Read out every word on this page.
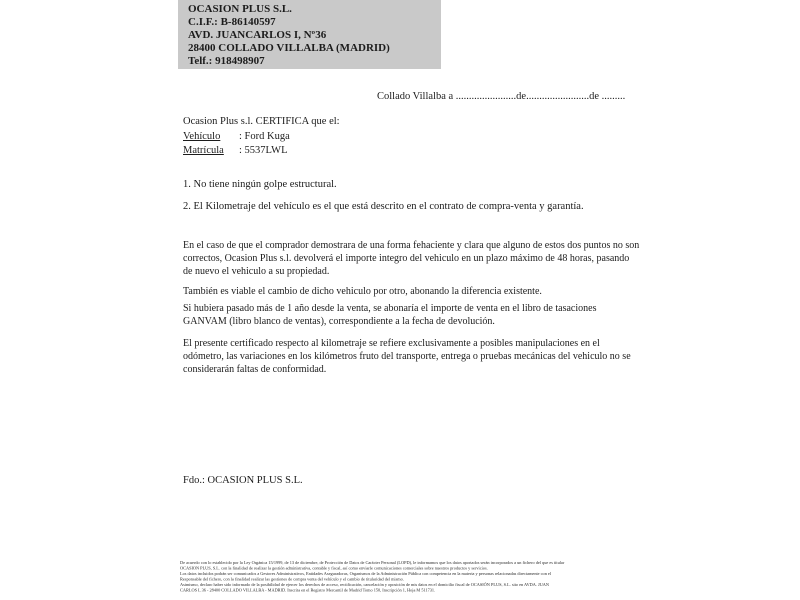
OCASION PLUS S.L.
C.I.F.: B-86140597
AVD. JUANCARLOS I, Nº36
28400 COLLADO VILLALBA (MADRID)
Telf.: 918498907
Collado Villalba a .......................de........................de .........
Ocasion Plus s.l. CERTIFICA que el:
Vehículo : Ford Kuga
Matrícula : 5537LWL
1. No tiene ningún golpe estructural.
2. El Kilometraje del vehículo es el que está descrito en el contrato de compra-venta y garantía.
En el caso de que el comprador demostrara de una forma fehaciente y clara que alguno de estos dos puntos no son correctos, Ocasion Plus s.l. devolverá el importe integro del vehiculo en un plazo máximo de 48 horas, pasando de nuevo el vehiculo a su propiedad.
También es viable el cambio de dicho vehiculo por otro, abonando la diferencia existente.
Si hubiera pasado más de 1 año desde la venta, se abonaría el importe de venta en el libro de tasaciones GANVAM (libro blanco de ventas), correspondiente a la fecha de devolución.
El presente certificado respecto al kilometraje se refiere exclusivamente a posibles manipulaciones en el odómetro, las variaciones en los kilómetros fruto del transporte, entrega o pruebas mecánicas del vehiculo no se considerarán faltas de conformidad.
Fdo.: OCASION PLUS S.L.
De acuerdo con lo establecido por la Ley Orgánica 15/1999, de 13 de diciembre, de Protección de Datos de Carácter Personal (LOPD), le informamos que los datos aportados serán incorporados a un fichero del que es titular
OCASION PLUS, S.L. con la finalidad de realizar la gestión administrativa, contable y fiscal, así como enviarle comunicaciones comerciales sobre nuestros productos y servicios.
Los datos incluidos podrán ser comunicados a Gestores Administrativos, Entidades Aseguradoras, Organismos de la Administración Pública con competencia en la materia y personas relacionadas directamente con el
Responsable del fichero, con la finalidad realizar las gestiones de compra venta del vehículo y el cambio de titularidad del mismo.
Asimismo, declaro haber sido informado de la posibilidad de ejercer los derechos de acceso, rectificación, cancelación y oposición de mis datos en el domicilio fiscal de OCASIÓN PLUS, S.L. sito en AVDA. JUAN
CARLOS I, 36 - 28400 COLLADO VILLALBA - MADRID. Inscrita en el Registro Mercantil de Madrid Tomo 150, Inscripción 1, Hoja M 511731.
